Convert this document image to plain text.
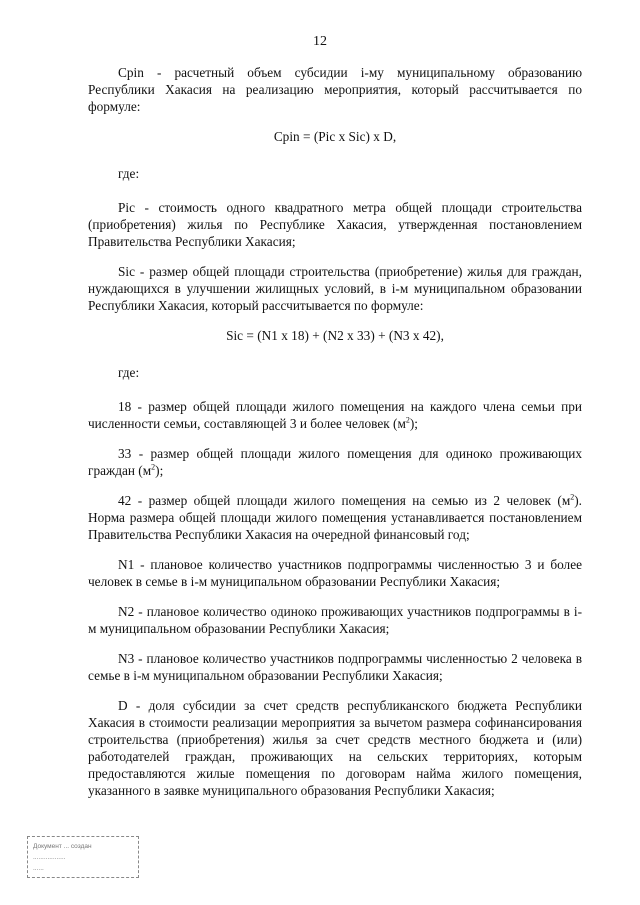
12

Срin - расчетный объем субсидии i-му муниципальному образованию Республики Хакасия на реализацию мероприятия, который рассчитывается по формуле:

Срin = (Pic x Sic) x D,
где:

Pic - стоимость одного квадратного метра общей площади строительства (приобретения) жилья по Республике Хакасия, утвержденная постановлением Правительства Республики Хакасия;

Sic - размер общей площади строительства (приобретение) жилья для граждан, нуждающихся в улучшении жилищных условий, в i-м муниципальном образовании Республики Хакасия, который рассчитывается по формуле:

Sic = (N1 x 18) + (N2 x 33) + (N3 x 42),
где:

18 - размер общей площади жилого помещения на каждого члена семьи при численности семьи, составляющей 3 и более человек $(м^2)$;

33 - размер общей площади жилого помещения для одиноко проживающих граждан $(м^2)$;

42 - размер общей площади жилого помещения на семью из 2 человек $(м^2)$. Норма размера общей площади жилого помещения устанавливается постановлением Правительства Республики Хакасия на очередной финансовый год;

N1 - плановое количество участников подпрограммы численностью 3 и более человек в семье в i-м муниципальном образовании Республики Хакасия;

N2 - плановое количество одиноко проживающих участников подпрограммы в i-м муниципальном образовании Республики Хакасия;

N3 - плановое количество участников подпрограммы численностью 2 человека в семье в i-м муниципальном образовании Республики Хакасия;

D - доля субсидии за счет средств республиканского бюджета Республики Хакасия в стоимости реализации мероприятия за вычетом размера софинансирования строительства (приобретения) жилья за счет средств местного бюджета и (или) работодателей граждан, проживающих на сельских территориях, которым предоставляются жилые помещения по договорам найма жилого помещения, указанного в заявке муниципального образования Республики Хакасия;

Документ ... создан
..................
......
